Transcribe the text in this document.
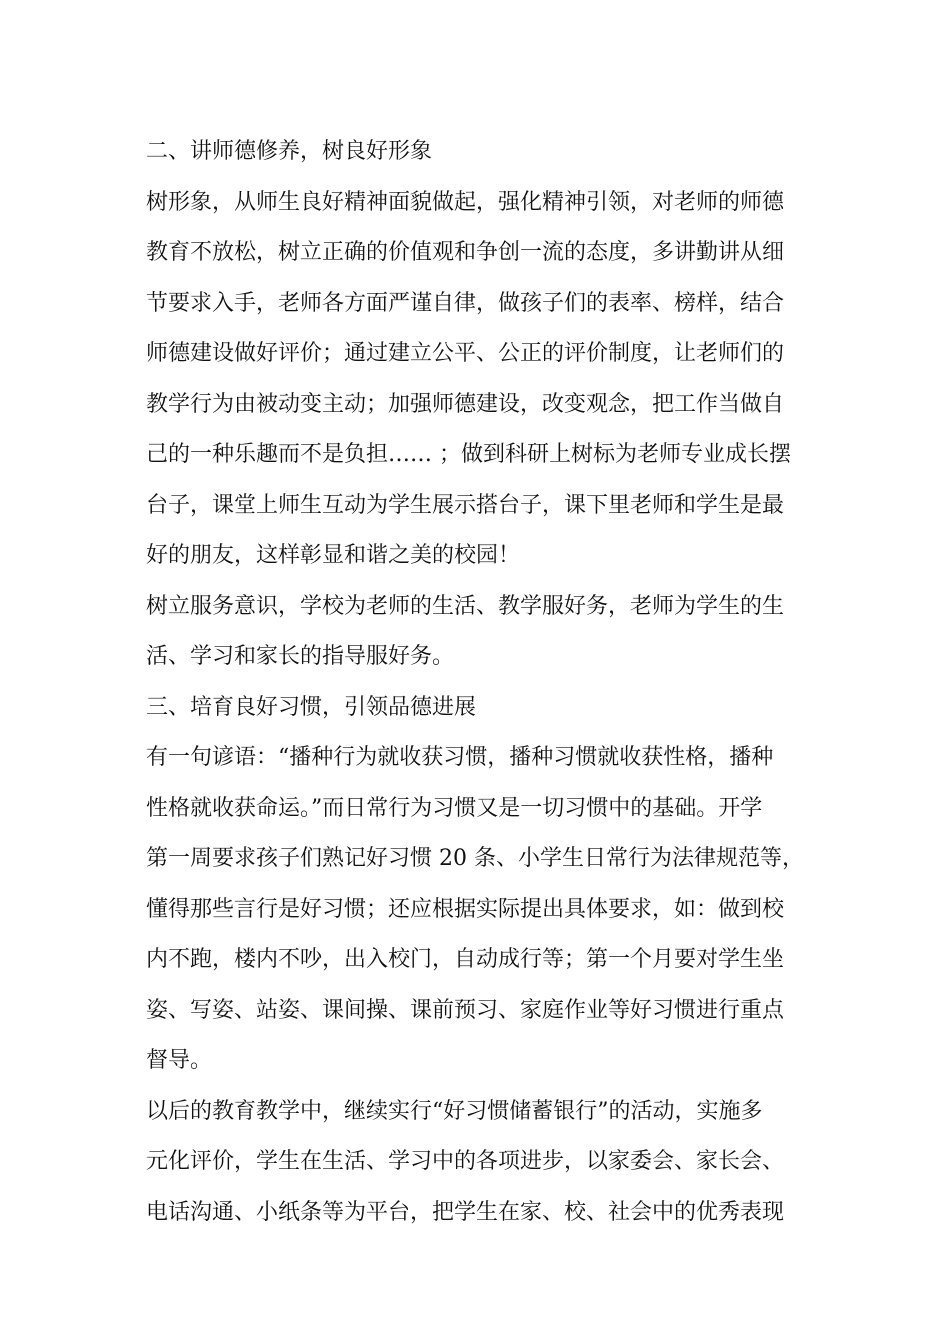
二、讲师德修养，树良好形象
树形象，从师生良好精神面貌做起，强化精神引领，对老师的师德
教育不放松，树立正确的价值观和争创一流的态度，多讲勤讲从细
节要求入手，老师各方面严谨自律，做孩子们的表率、榜样，结合
师德建设做好评价；通过建立公平、公正的评价制度，让老师们的
教学行为由被动变主动；加强师德建设，改变观念，把工作当做自
己的一种乐趣而不是负担…… ；做到科研上树标为老师专业成长摆
台子，课堂上师生互动为学生展示搭台子，课下里老师和学生是最
好的朋友，这样彰显和谐之美的校园！
树立服务意识，学校为老师的生活、教学服好务，老师为学生的生
活、学习和家长的指导服好务。
三、培育良好习惯，引领品德进展
有一句谚语：“播种行为就收获习惯，播种习惯就收获性格，播种
性格就收获命运。”而日常行为习惯又是一切习惯中的基础。开学
第一周要求孩子们熟记好习惯 20 条、小学生日常行为法律规范等，
懂得那些言行是好习惯；还应根据实际提出具体要求，如：做到校
内不跑，楼内不吵，出入校门，自动成行等；第一个月要对学生坐
姿、写姿、站姿、课间操、课前预习、家庭作业等好习惯进行重点
督导。
以后的教育教学中，继续实行“好习惯储蓄银行”的活动，实施多
元化评价，学生在生活、学习中的各项进步，以家委会、家长会、
电话沟通、小纸条等为平台，把学生在家、校、社会中的优秀表现
